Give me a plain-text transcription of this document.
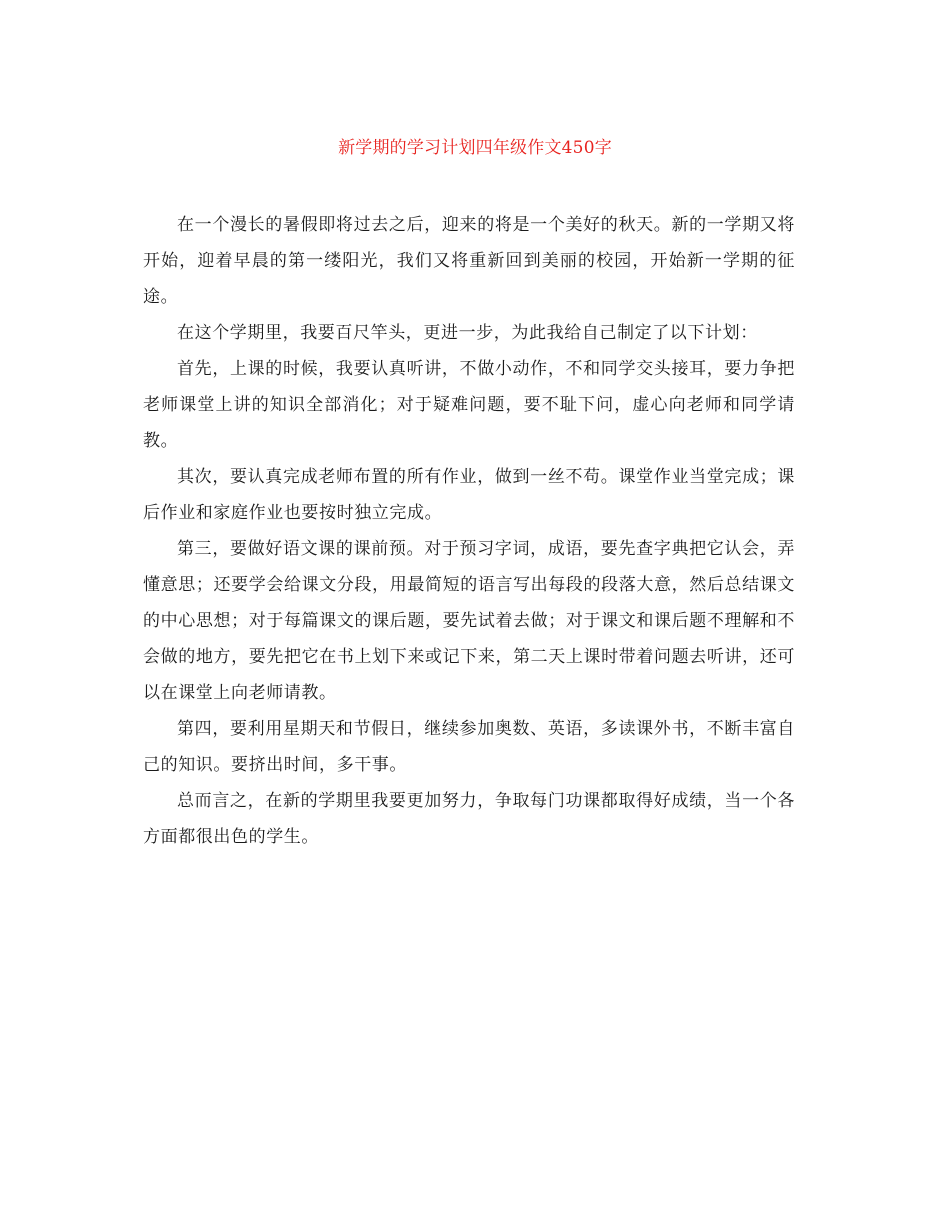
新学期的学习计划四年级作文450字

在一个漫长的暑假即将过去之后，迎来的将是一个美好的秋天。新的一学期又将开始，迎着早晨的第一缕阳光，我们又将重新回到美丽的校园，开始新一学期的征途。

在这个学期里，我要百尺竿头，更进一步，为此我给自己制定了以下计划：

首先，上课的时候，我要认真听讲，不做小动作，不和同学交头接耳，要力争把老师课堂上讲的知识全部消化；对于疑难问题，要不耻下问，虚心向老师和同学请教。

其次，要认真完成老师布置的所有作业，做到一丝不苟。课堂作业当堂完成；课后作业和家庭作业也要按时独立完成。

第三，要做好语文课的课前预。对于预习字词，成语，要先查字典把它认会，弄懂意思；还要学会给课文分段，用最简短的语言写出每段的段落大意，然后总结课文的中心思想；对于每篇课文的课后题，要先试着去做；对于课文和课后题不理解和不会做的地方，要先把它在书上划下来或记下来，第二天上课时带着问题去听讲，还可以在课堂上向老师请教。

第四，要利用星期天和节假日，继续参加奥数、英语，多读课外书，不断丰富自己的知识。要挤出时间，多干事。

总而言之，在新的学期里我要更加努力，争取每门功课都取得好成绩，当一个各方面都很出色的学生。
